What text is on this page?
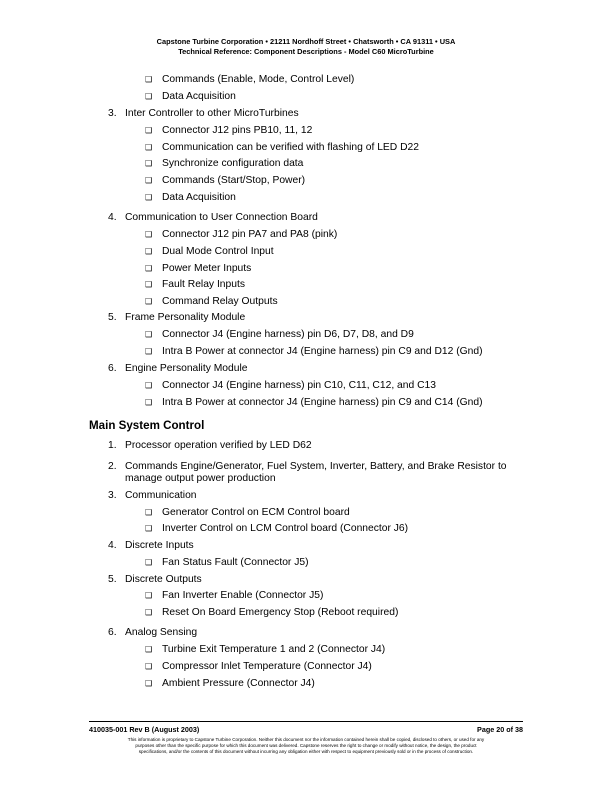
Capstone Turbine Corporation • 21211 Nordhoff Street • Chatsworth • CA 91311 • USA
Technical Reference: Component Descriptions - Model C60 MicroTurbine
❑ Commands (Enable, Mode, Control Level)
❑ Data Acquisition
3. Inter Controller to other MicroTurbines
❑ Connector J12 pins PB10, 11, 12
❑ Communication can be verified with flashing of LED D22
❑ Synchronize configuration data
❑ Commands (Start/Stop, Power)
❑ Data Acquisition
4. Communication to User Connection Board
❑ Connector J12 pin PA7 and PA8 (pink)
❑ Dual Mode Control Input
❑ Power Meter Inputs
❑ Fault Relay Inputs
❑ Command Relay Outputs
5. Frame Personality Module
❑ Connector J4 (Engine harness) pin D6, D7, D8, and D9
❑ Intra B Power at connector J4 (Engine harness) pin C9 and D12 (Gnd)
6. Engine Personality Module
❑ Connector J4 (Engine harness) pin C10, C11, C12, and C13
❑ Intra B Power at connector J4 (Engine harness) pin C9 and C14 (Gnd)
Main System Control
1. Processor operation verified by LED D62
2. Commands Engine/Generator, Fuel System, Inverter, Battery, and Brake Resistor to
manage output power production
3. Communication
❑ Generator Control on ECM Control board
❑ Inverter Control on LCM Control board (Connector J6)
4. Discrete Inputs
❑ Fan Status Fault (Connector J5)
5. Discrete Outputs
❑ Fan Inverter Enable (Connector J5)
❑ Reset On Board Emergency Stop (Reboot required)
6. Analog Sensing
❑ Turbine Exit Temperature 1 and 2 (Connector J4)
❑ Compressor Inlet Temperature (Connector J4)
❑ Ambient Pressure (Connector J4)
410035-001 Rev B (August 2003)	Page 20 of 38
This information is proprietary to Capstone Turbine Corporation. Neither this document nor the information contained herein shall be copied, disclosed to others, or used for any
purposes other than the specific purpose for which this document was delivered. Capstone reserves the right to change or modify without notice, the design, the product
specifications, and/or the contents of this document without incurring any obligation either with respect to equipment previously sold or in the process of construction.
